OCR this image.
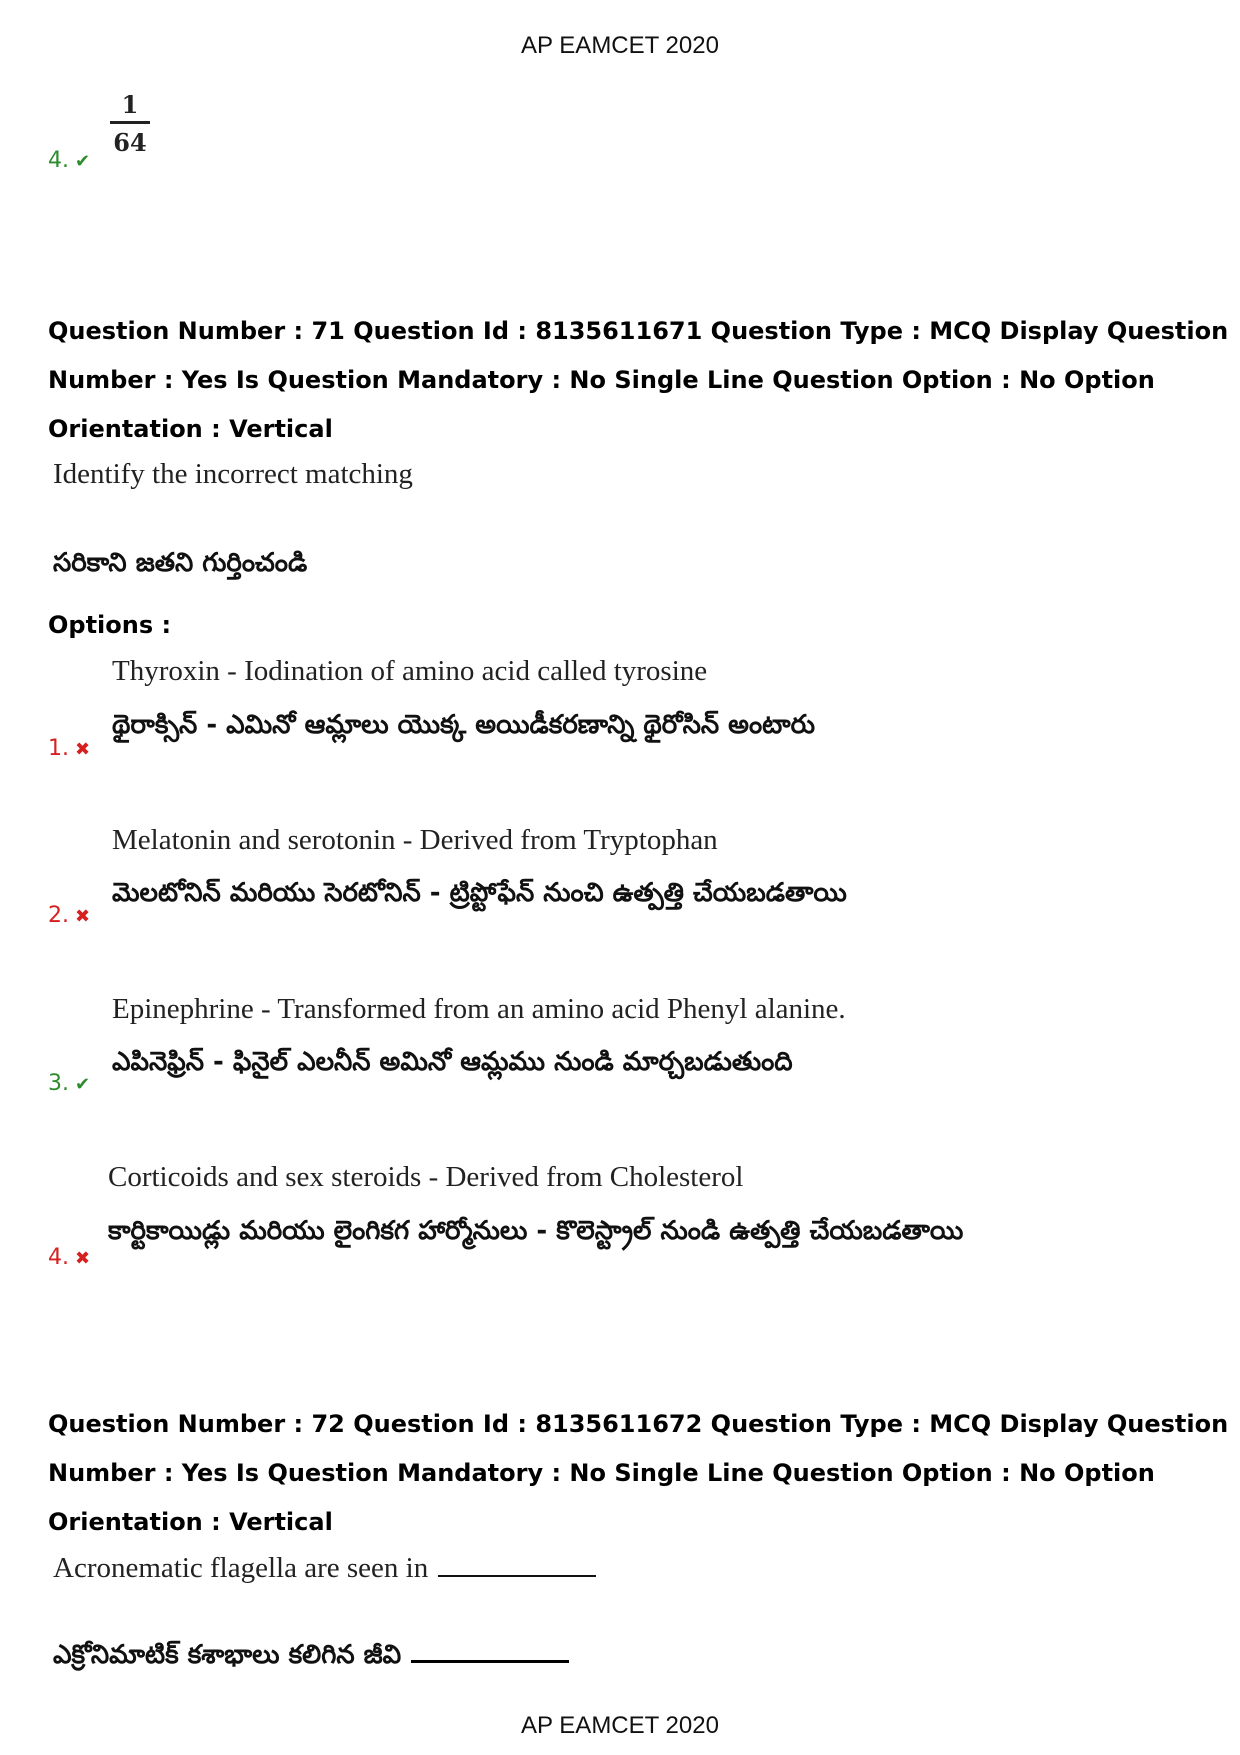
AP EAMCET 2020
4. ✔
$\frac{1}{64}$

Question Number : 71 Question Id : 8135611671 Question Type : MCQ Display Question

Number : Yes Is Question Mandatory : No Single Line Question Option : No Option

Orientation : Vertical

Identify the incorrect matching
సరికాని జతని గుర్తించండి
Options :
Thyroxin - Iodination of amino acid called tyrosine
థైరాక్సిన్ - ఎమినో ఆమ్లాలు యొక్క అయిడీకరణాన్ని థైరోసిన్ అంటారు
1. ✖
Melatonin and serotonin - Derived from Tryptophan
మెలటోనిన్ మరియు సెరటోనిన్ - ట్రిప్టోఫేన్ నుంచి ఉత్పత్తి చేయబడతాయి
2. ✖
Epinephrine - Transformed from an amino acid Phenyl alanine.
ఎపినెఫ్రిన్ - ఫినైల్ ఎలనీన్ అమినో ఆమ్లము నుండి మార్చబడుతుంది
3. ✔
Corticoids and sex steroids - Derived from Cholesterol
కార్టికాయిడ్లు మరియు లైంగికగ హార్మోనులు - కొలెస్ట్రాల్ నుండి ఉత్పత్తి చేయబడతాయి
4. ✖

Question Number : 72 Question Id : 8135611672 Question Type : MCQ Display Question

Number : Yes Is Question Mandatory : No Single Line Question Option : No Option

Orientation : Vertical

Acronematic flagella are seen in
ఎక్రోనిమాటిక్ కశాభాలు కలిగిన జీవి
AP EAMCET 2020
